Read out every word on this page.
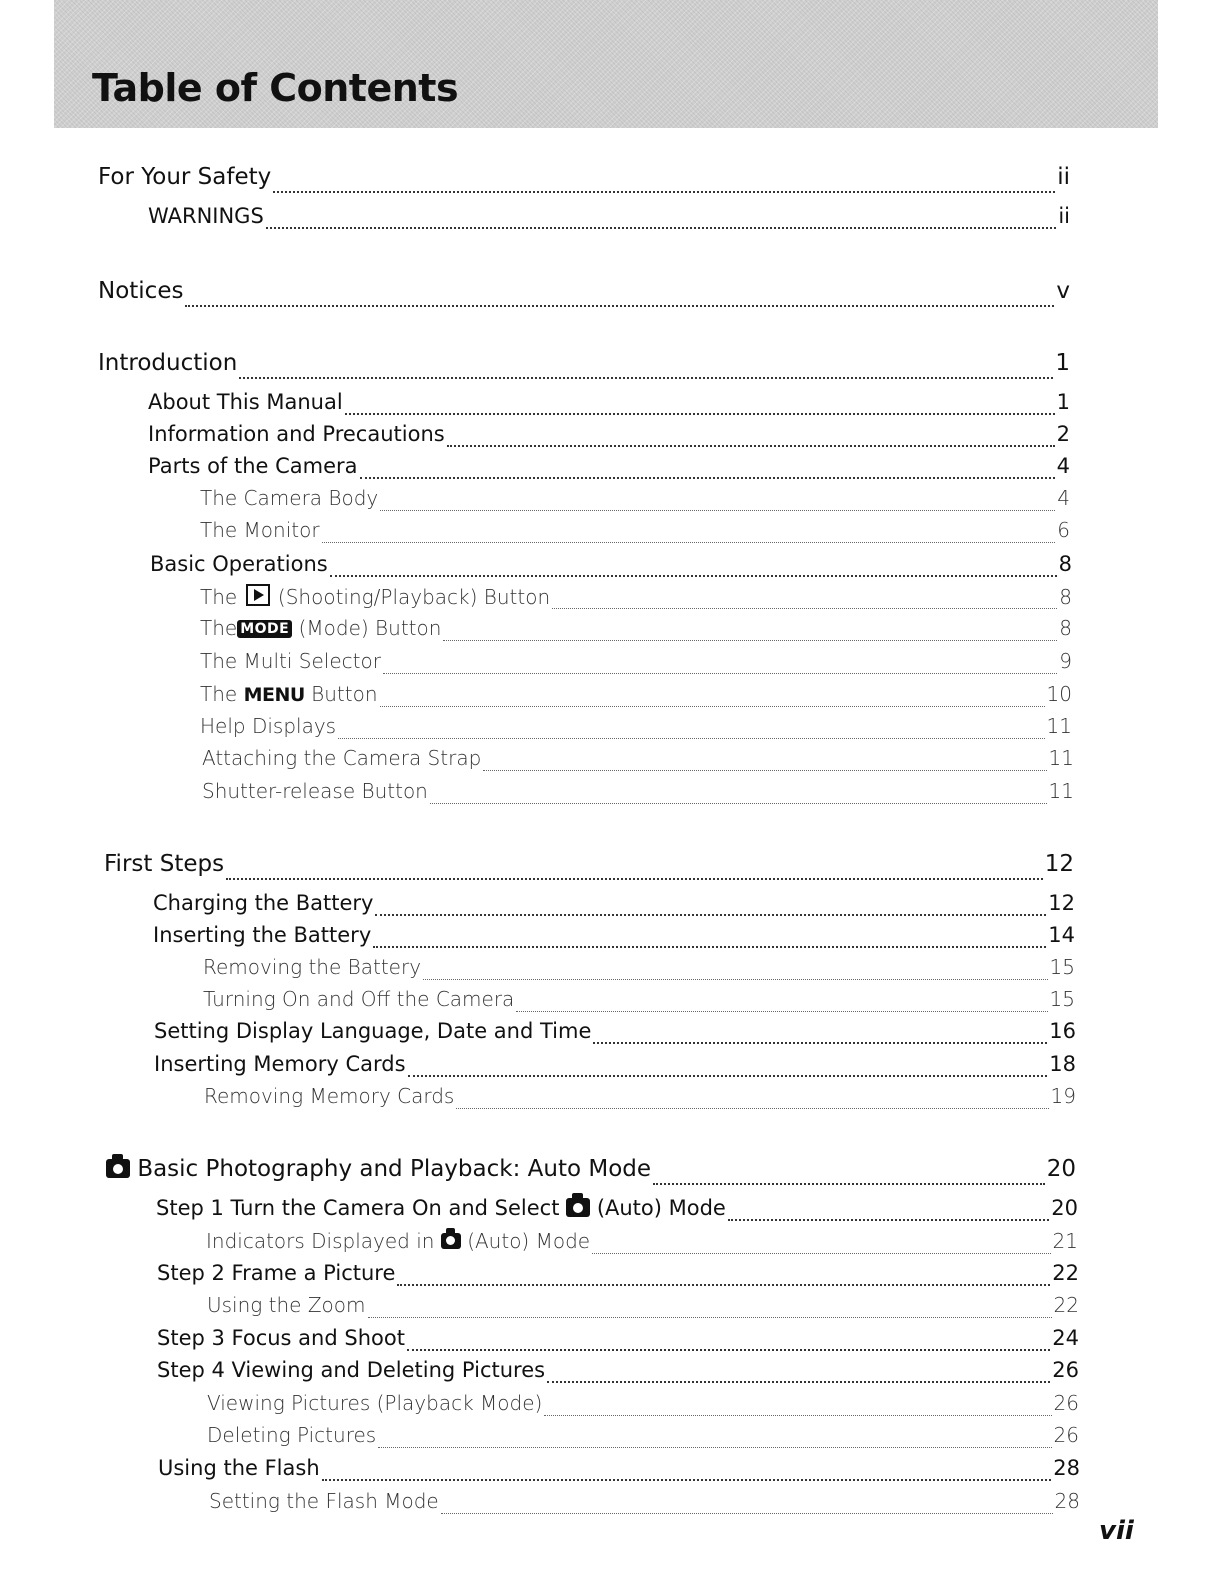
Table of Contents
For Your Safety	ii
WARNINGS	ii
Notices	v
Introduction	1
About This Manual	1
Information and Precautions	2
Parts of the Camera	4
The Camera Body	4
The Monitor	6
Basic Operations	8
The (Shooting/Playback) Button	8
The MODE (Mode) Button	8
The Multi Selector	9
The MENU Button	10
Help Displays	11
Attaching the Camera Strap	11
Shutter-release Button	11
First Steps	12
Charging the Battery	12
Inserting the Battery	14
Removing the Battery	15
Turning On and Off the Camera	15
Setting Display Language, Date and Time	16
Inserting Memory Cards	18
Removing Memory Cards	19
Basic Photography and Playback: Auto Mode	20
Step 1 Turn the Camera On and Select (Auto) Mode	20
Indicators Displayed in (Auto) Mode	21
Step 2 Frame a Picture	22
Using the Zoom	22
Step 3 Focus and Shoot	24
Step 4 Viewing and Deleting Pictures	26
Viewing Pictures (Playback Mode)	26
Deleting Pictures	26
Using the Flash	28
Setting the Flash Mode	28

vii
